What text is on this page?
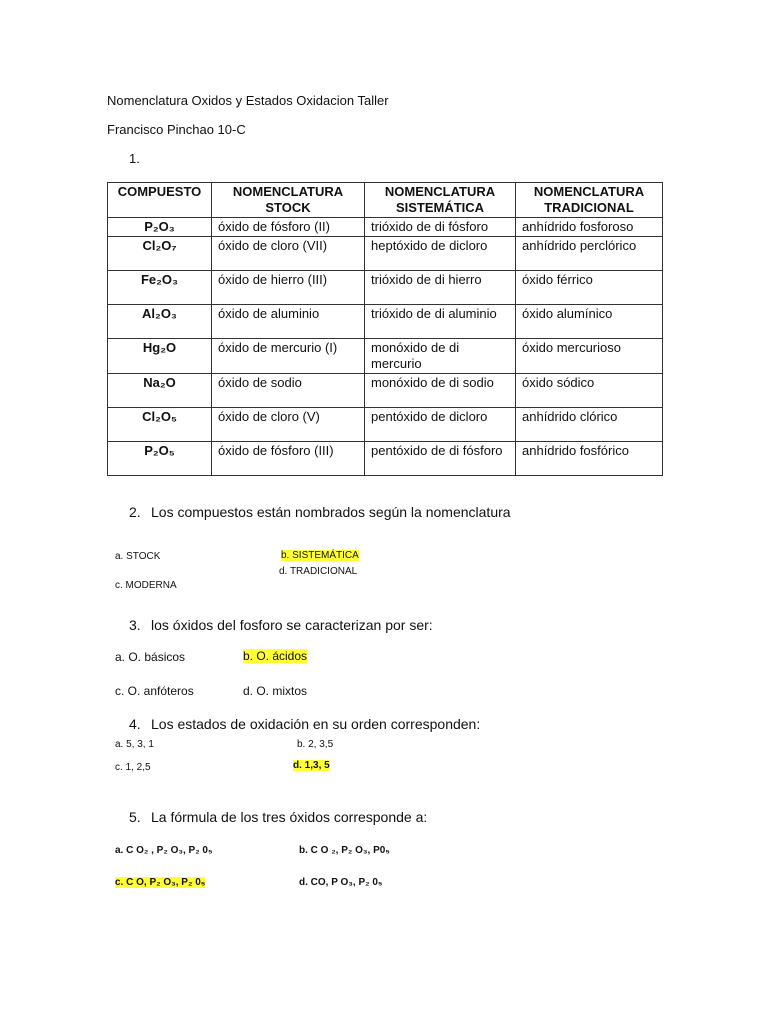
Nomenclatura Oxidos y Estados Oxidacion Taller
Francisco Pinchao 10-C
1.
COMPUESTO	NOMENCLATURA STOCK	NOMENCLATURA SISTEMÁTICA	NOMENCLATURA TRADICIONAL
P₂O₃	óxido de fósforo (II)	trióxido de di fósforo	anhídrido fosforoso
Cl₂O₇	óxido de cloro (VII)	heptóxido de dicloro	anhídrido perclórico
Fe₂O₃	óxido de hierro (III)	trióxido de di hierro	óxido férrico
Al₂O₃	óxido de aluminio	trióxido de di aluminio	óxido alumínico
Hg₂O	óxido de mercurio (I)	monóxido de di mercurio	óxido mercurioso
Na₂O	óxido de sodio	monóxido de di sodio	óxido sódico
Cl₂O₅	óxido de cloro (V)	pentóxido de dicloro	anhídrido clórico
P₂O₅	óxido de fósforo (III)	pentóxido de di fósforo	anhídrido fosfórico
2. Los compuestos están nombrados según la nomenclatura
a. STOCK	b. SISTEMÁTICA
d. TRADICIONAL
c. MODERNA
3. los óxidos del fosforo se caracterizan por ser:
a. O. básicos	b. O. ácidos
c. O. anfóteros	d. O. mixtos
4. Los estados de oxidación en su orden corresponden:
a. 5, 3, 1	b. 2, 3,5
c. 1, 2,5	d. 1,3, 5
5. La fórmula de los tres óxidos corresponde a:
a. C O₂ , P₂ O₃, P₂ 0₅	b. C O ₂, P₂ O₃, P0₅
c. C O, P₂ O₃, P₂ 0₅	d. CO, P O₃, P₂ 0₅
